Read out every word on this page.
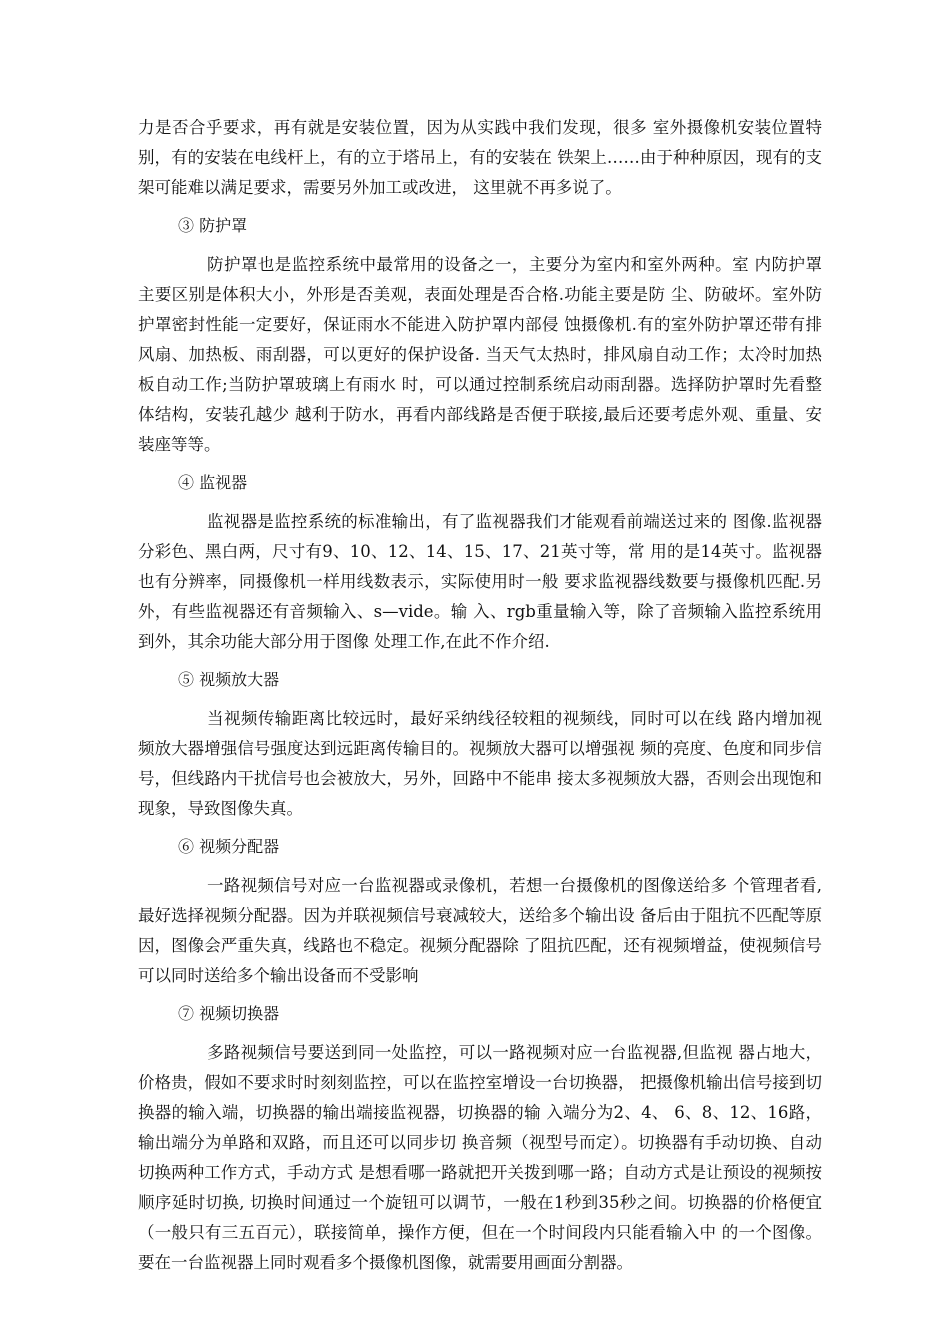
力是否合乎要求，再有就是安装位置，因为从实践中我们发现，很多 室外摄像机安装位置特别，有的安装在电线杆上，有的立于塔吊上，有的安装在 铁架上……由于种种原因，现有的支架可能难以满足要求，需要另外加工或改进， 这里就不再多说了。

③ 防护罩

防护罩也是监控系统中最常用的设备之一，主要分为室内和室外两种。室 内防护罩主要区别是体积大小，外形是否美观，表面处理是否合格.功能主要是防 尘、防破坏。室外防护罩密封性能一定要好，保证雨水不能进入防护罩内部侵 蚀摄像机.有的室外防护罩还带有排风扇、加热板、雨刮器，可以更好的保护设备. 当天气太热时，排风扇自动工作；太冷时加热板自动工作;当防护罩玻璃上有雨水 时，可以通过控制系统启动雨刮器。选择防护罩时先看整体结构，安装孔越少 越利于防水，再看内部线路是否便于联接,最后还要考虑外观、重量、安装座等等。

④ 监视器

监视器是监控系统的标准输出，有了监视器我们才能观看前端送过来的 图像.监视器分彩色、黑白两，尺寸有9、10、12、14、15、17、21英寸等，常 用的是14英寸。监视器也有分辨率，同摄像机一样用线数表示，实际使用时一般 要求监视器线数要与摄像机匹配.另外，有些监视器还有音频输入、s—vide。输 入、rgb重量输入等，除了音频输入监控系统用到外，其余功能大部分用于图像 处理工作,在此不作介绍.

⑤ 视频放大器

当视频传输距离比较远时，最好采纳线径较粗的视频线，同时可以在线 路内增加视频放大器增强信号强度达到远距离传输目的。视频放大器可以增强视 频的亮度、色度和同步信号，但线路内干扰信号也会被放大，另外，回路中不能串 接太多视频放大器，否则会出现饱和现象，导致图像失真。

⑥ 视频分配器

一路视频信号对应一台监视器或录像机，若想一台摄像机的图像送给多 个管理者看,最好选择视频分配器。因为并联视频信号衰减较大，送给多个输出设 备后由于阻抗不匹配等原因，图像会严重失真，线路也不稳定。视频分配器除 了阻抗匹配，还有视频增益，使视频信号可以同时送给多个输出设备而不受影响

⑦ 视频切换器

多路视频信号要送到同一处监控，可以一路视频对应一台监视器,但监视 器占地大，价格贵，假如不要求时时刻刻监控，可以在监控室增设一台切换器， 把摄像机输出信号接到切换器的输入端，切换器的输出端接监视器，切换器的输 入端分为2、4、 6、8、12、16路，输出端分为单路和双路，而且还可以同步切 换音频（视型号而定）。切换器有手动切换、自动切换两种工作方式，手动方式 是想看哪一路就把开关拨到哪一路；自动方式是让预设的视频按顺序延时切换, 切换时间通过一个旋钮可以调节，一般在1秒到35秒之间。切换器的价格便宜 （一般只有三五百元），联接简单，操作方便，但在一个时间段内只能看输入中 的一个图像。要在一台监视器上同时观看多个摄像机图像，就需要用画面分割器。
